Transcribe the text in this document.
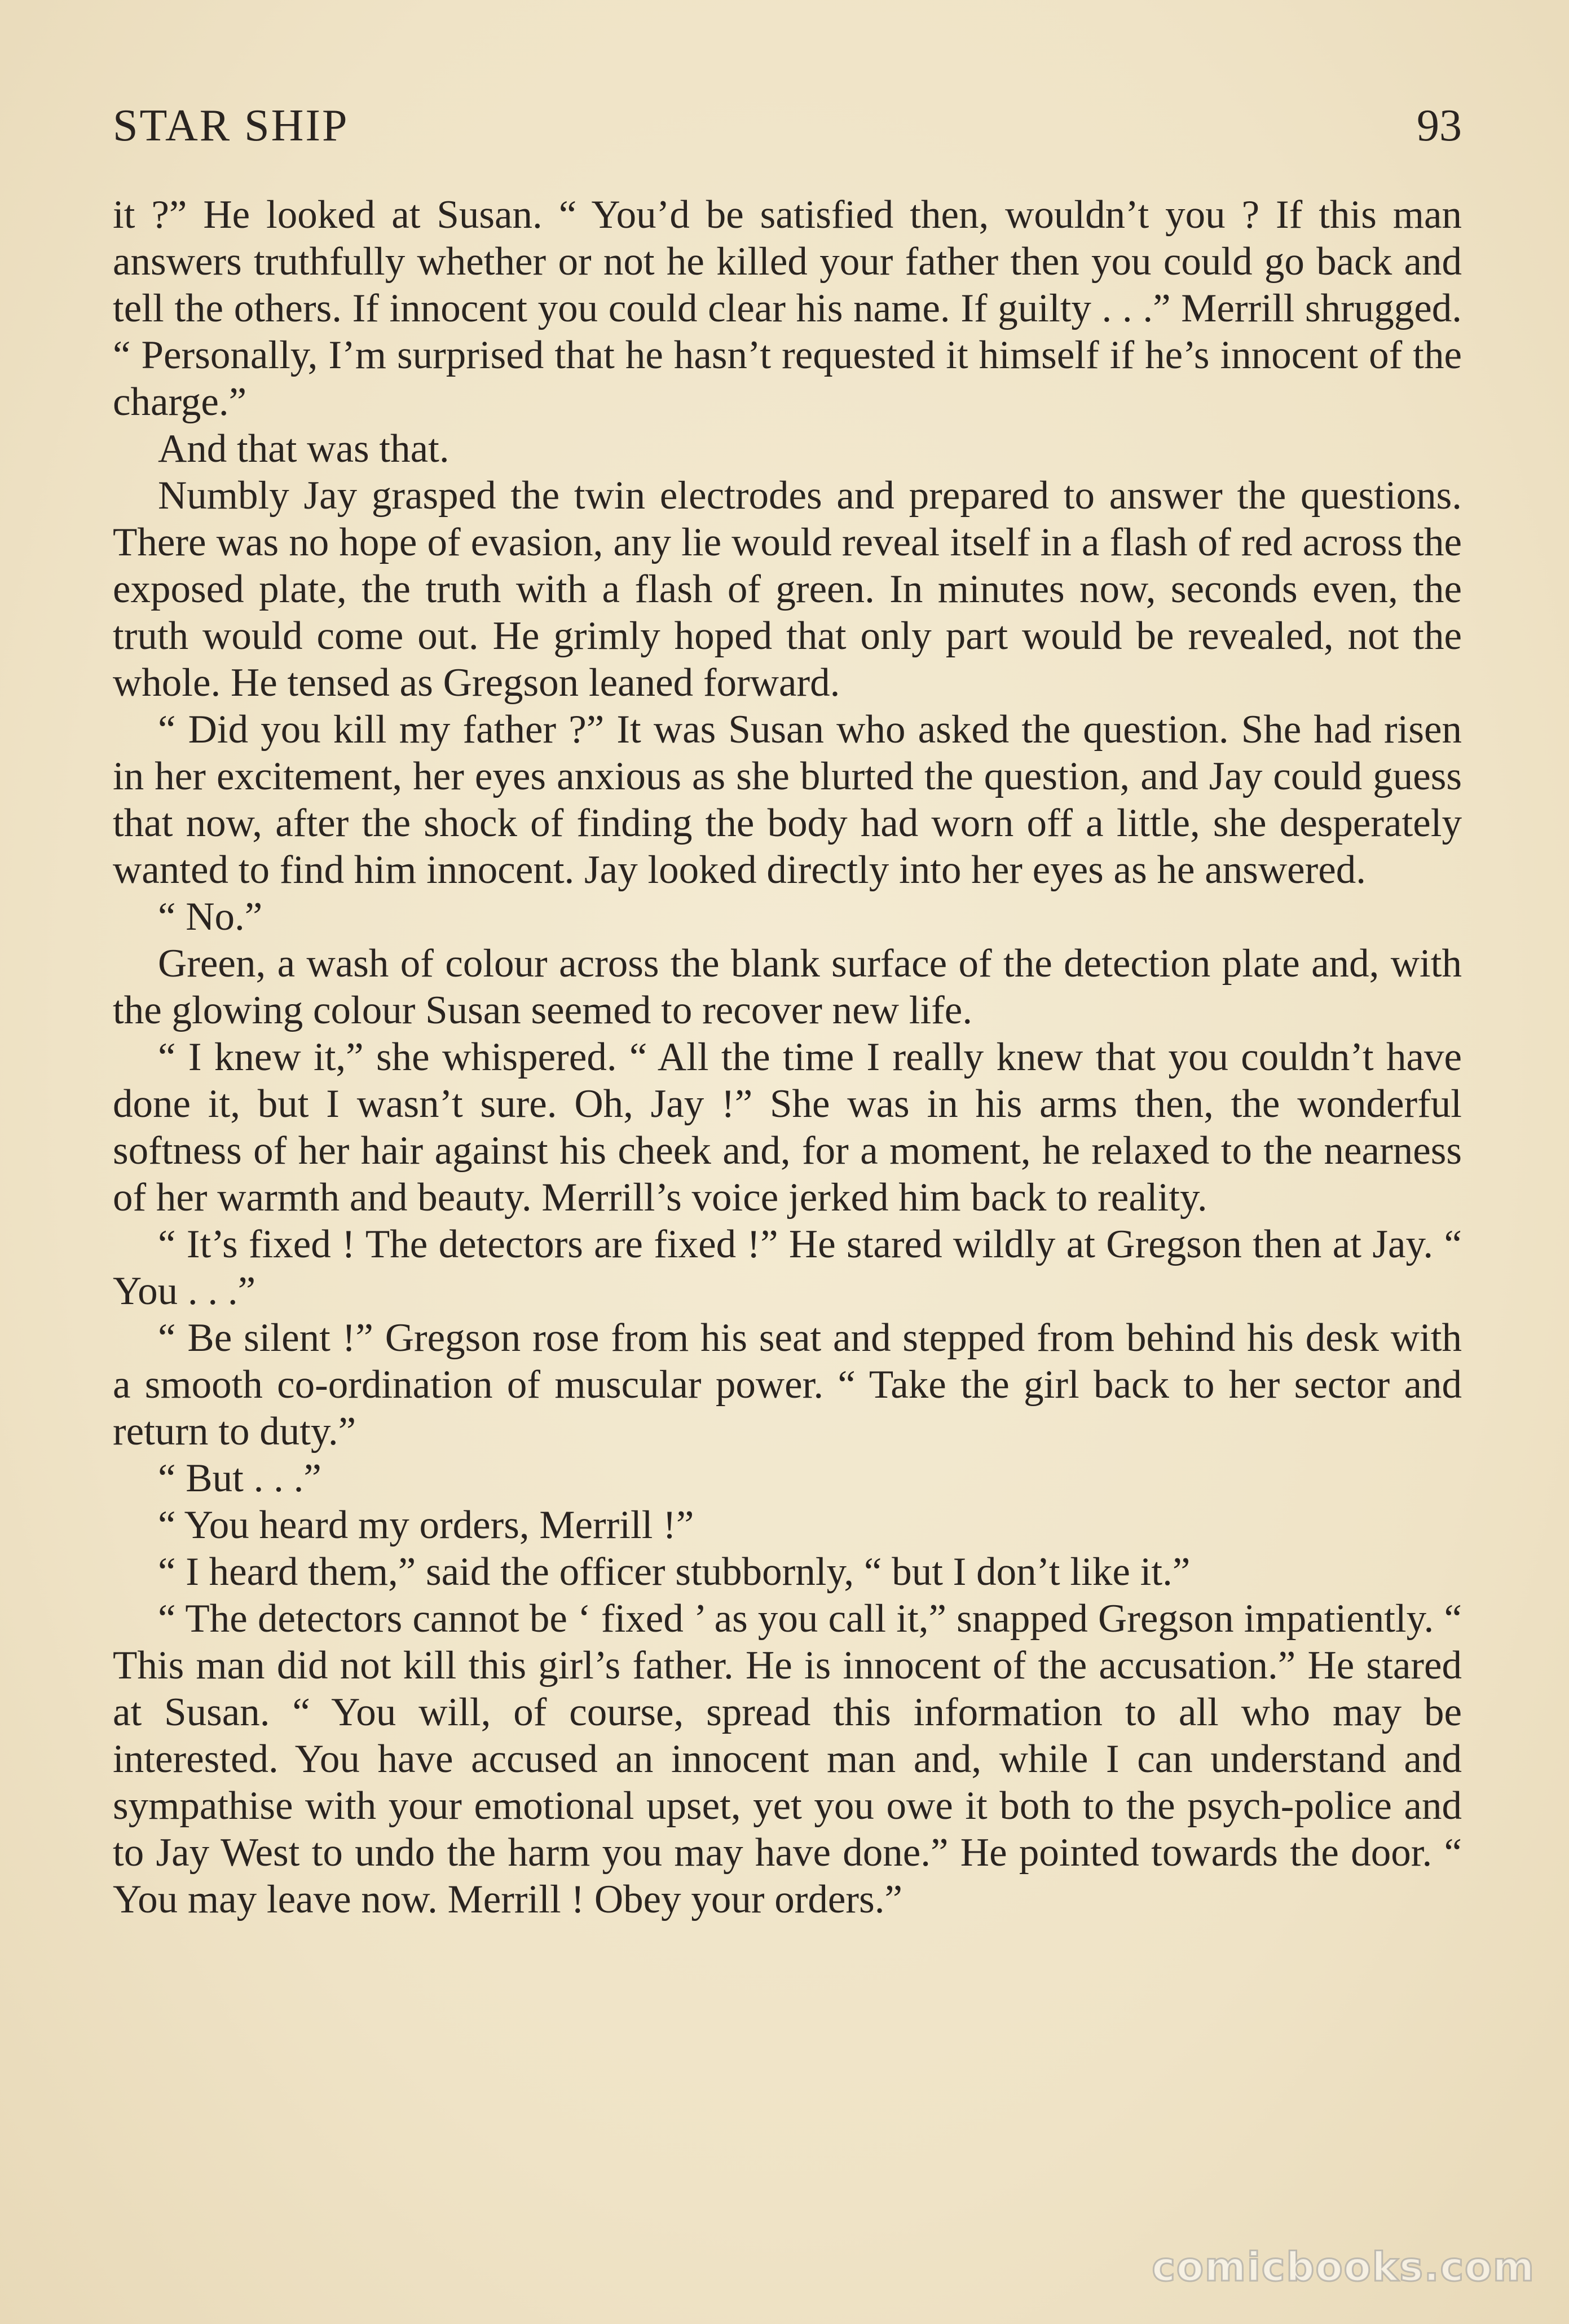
STAR SHIP	93

it ?” He looked at Susan. “ You’d be satisfied then, wouldn’t you ? If this man answers truthfully whether or not he killed your father then you could go back and tell the others. If innocent you could clear his name. If guilty . . .” Merrill shrugged. “ Personally, I’m surprised that he hasn’t requested it himself if he’s innocent of the charge.”

And that was that.

Numbly Jay grasped the twin electrodes and prepared to answer the questions. There was no hope of evasion, any lie would reveal itself in a flash of red across the exposed plate, the truth with a flash of green. In minutes now, seconds even, the truth would come out. He grimly hoped that only part would be revealed, not the whole. He tensed as Gregson leaned forward.

“ Did you kill my father ?” It was Susan who asked the question. She had risen in her excitement, her eyes anxious as she blurted the question, and Jay could guess that now, after the shock of finding the body had worn off a little, she desperately wanted to find him innocent. Jay looked directly into her eyes as he answered.

“ No.”

Green, a wash of colour across the blank surface of the detection plate and, with the glowing colour Susan seemed to recover new life.

“ I knew it,” she whispered. “ All the time I really knew that you couldn’t have done it, but I wasn’t sure. Oh, Jay !” She was in his arms then, the wonderful softness of her hair against his cheek and, for a moment, he relaxed to the nearness of her warmth and beauty. Merrill’s voice jerked him back to reality.

“ It’s fixed ! The detectors are fixed !” He stared wildly at Gregson then at Jay. “ You . . .”

“ Be silent !” Gregson rose from his seat and stepped from behind his desk with a smooth co-ordination of muscular power. “ Take the girl back to her sector and return to duty.”

“ But . . .”

“ You heard my orders, Merrill !”

“ I heard them,” said the officer stubbornly, “ but I don’t like it.”

“ The detectors cannot be ‘ fixed ’ as you call it,” snapped Gregson impatiently. “ This man did not kill this girl’s father. He is innocent of the accusation.” He stared at Susan. “ You will, of course, spread this information to all who may be interested. You have accused an innocent man and, while I can understand and sympathise with your emotional upset, yet you owe it both to the psych-police and to Jay West to undo the harm you may have done.” He pointed towards the door. “ You may leave now. Merrill ! Obey your orders.”

comicbooks.com
